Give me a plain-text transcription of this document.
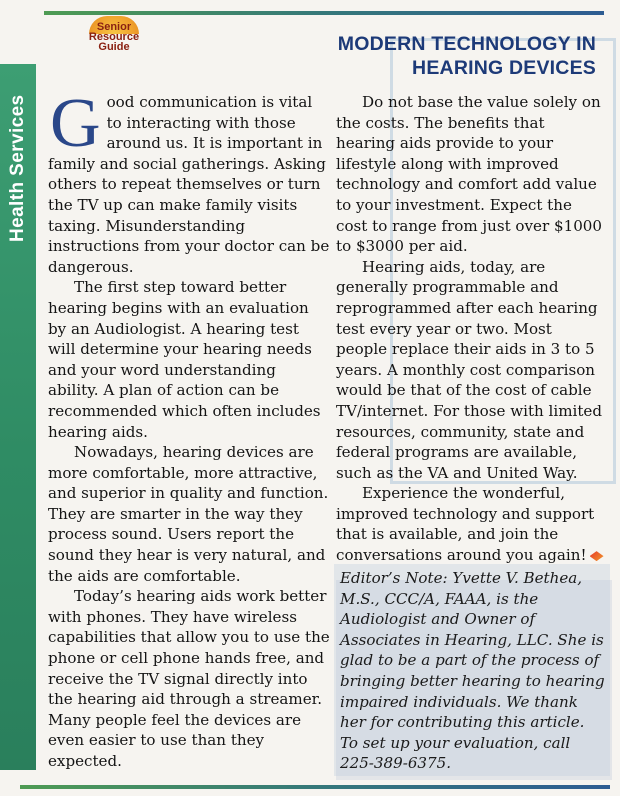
Senior
Resource
Guide	MODERN TECHNOLOGY IN
HEARING DEVICES
Health Services Good communication is vital to interacting with those around us. It is important in family and social gatherings. Asking others to repeat themselves or turn the TV up can make family visits taxing. Misunderstanding instructions from your doctor can be dangerous.

The first step toward better hearing begins with an evaluation by an Audiologist. A hearing test will determine your hearing needs and your word understanding ability. A plan of action can be recommended which often includes hearing aids.

Nowadays, hearing devices are more comfortable, more attractive, and superior in quality and function. They are smarter in the way they process sound. Users report the sound they hear is very natural, and the aids are comfortable.

Today’s hearing aids work better with phones. They have wireless capabilities that allow you to use the phone or cell phone hands free, and receive the TV signal directly into the hearing aid through a streamer. Many people feel the devices are even easier to use than they expected.

Do not base the value solely on the costs. The benefits that hearing aids provide to your lifestyle along with improved technology and comfort add value to your investment. Expect the cost to range from just over $1000 to $3000 per aid.

Hearing aids, today, are generally programmable and reprogrammed after each hearing test every year or two. Most people replace their aids in 3 to 5 years. A monthly cost comparison would be that of the cost of cable TV/internet. For those with limited resources, community, state and federal programs are available, such as the VA and United Way.

Experience the wonderful, improved technology and support that is available, and join the conversations around you again!

Editor’s Note: Yvette V. Bethea, M.S., CCC/A, FAAA, is the Audiologist and Owner of Associates in Hearing, LLC. She is glad to be a part of the process of bringing better hearing to hearing impaired individuals. We thank her for contributing this article. To set up your evaluation, call 225-389-6375.
